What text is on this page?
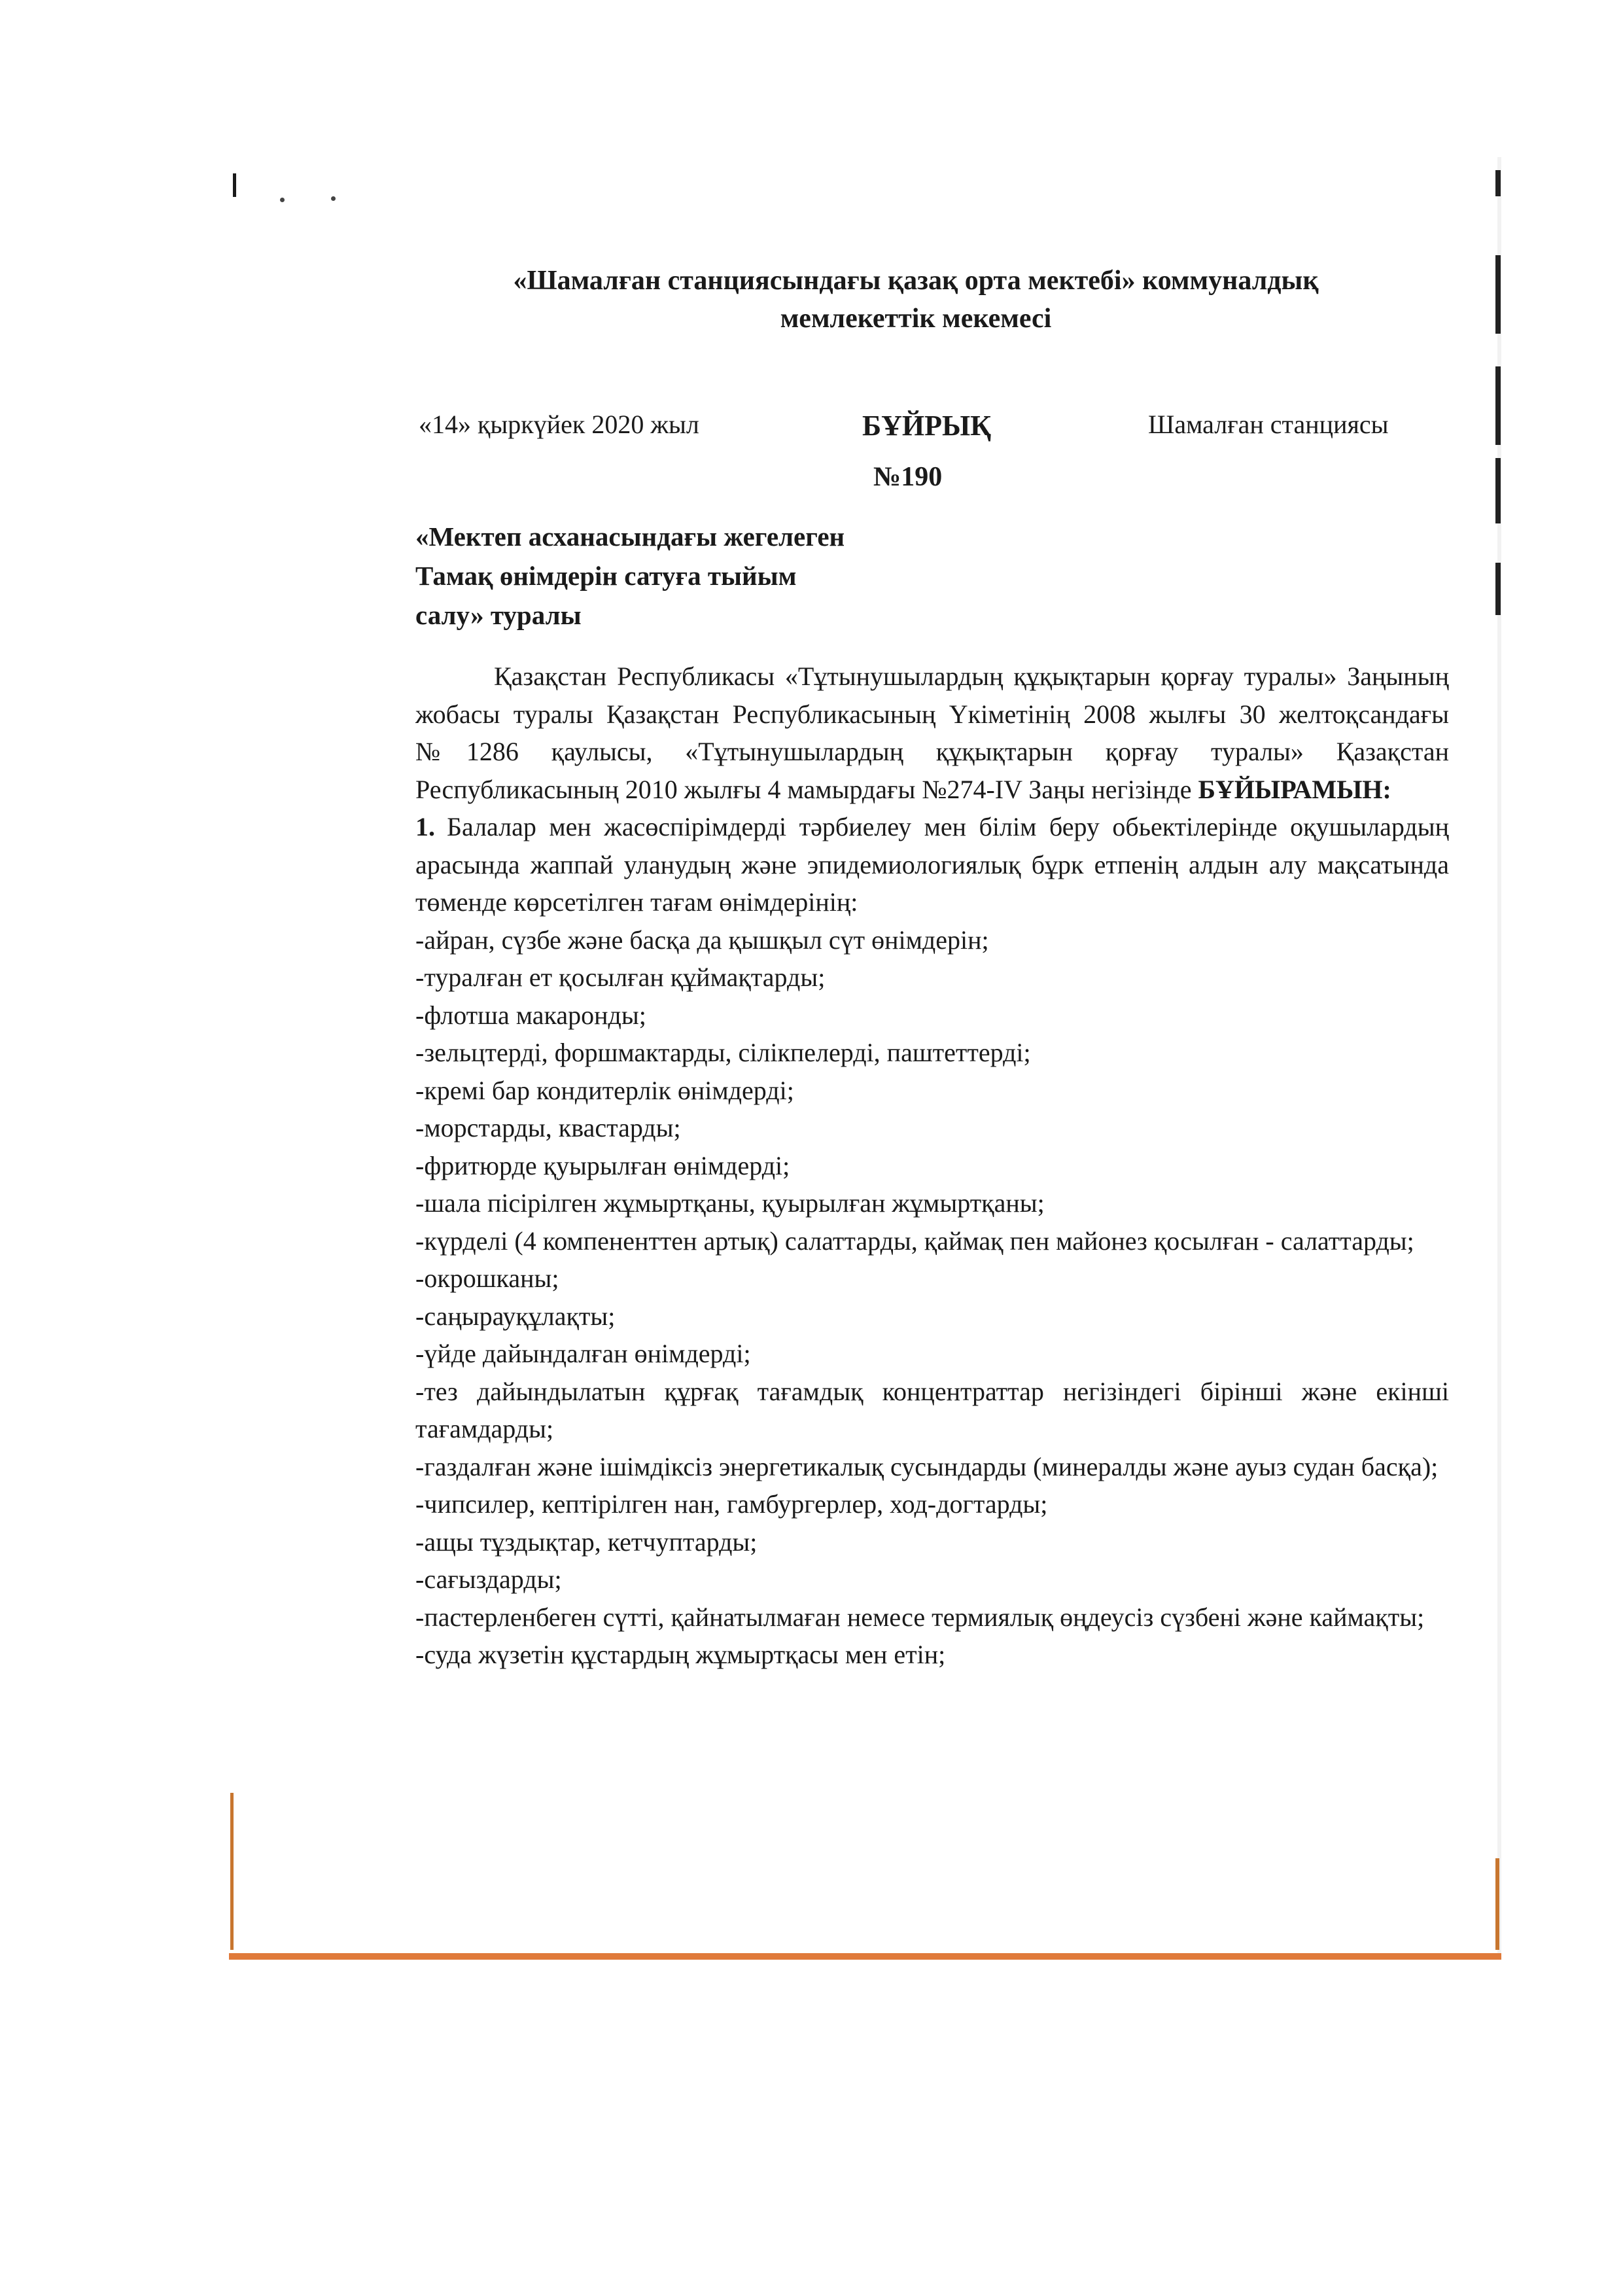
«Шамалған станциясындағы қазақ орта мектебі» коммуналдық
мемлекеттік мекемесі
«14» қыркүйек 2020 жыл	БҰЙРЫҚ	Шамалған станциясы
№190
«Мектеп асханасындағы жегелеген
Тамақ өнімдерін сатуға тыйым
салу» туралы

Қазақстан Республикасы «Тұтынушылардың құқықтарын қорғау туралы» Заңының жобасы туралы Қазақстан Республикасының Үкіметінің 2008 жылғы 30 желтоқсандағы №1286 қаулысы, «Тұтынушылардың құқықтарын қорғау туралы» Қазақстан Республикасының 2010 жылғы 4 мамырдағы №274-IV Заңы негізінде БҰЙЫРАМЫН:

1. Балалар мен жасөспірімдерді тәрбиелеу мен білім беру обьектілерінде оқушылардың арасында жаппай уланудың және эпидемиологиялық бұрк етпенің алдын алу мақсатында төменде көрсетілген тағам өнімдерінің:

-айран, сүзбе және басқа да қышқыл сүт өнімдерін;
-туралған ет қосылған құймақтарды;
-флотша макаронды;
-зельцтерді, форшмактарды, сілікпелерді, паштеттерді;
-кремі бар кондитерлік өнімдерді;
-морстарды, квастарды;
-фритюрде қуырылған өнімдерді;
-шала пісірілген жұмыртқаны, қуырылған жұмыртқаны;
-күрделі (4 компененттен артық) салаттарды, қаймақ пен майонез қосылған - салаттарды;
-окрошканы;
-саңырауқұлақты;
-үйде дайындалған өнімдерді;
-тез дайындылатын құрғақ тағамдық концентраттар негізіндегі бірінші және екінші тағамдарды;
-газдалған және ішімдіксіз энергетикалық сусындарды (минералды және ауыз судан басқа);
-чипсилер, кептірілген нан, гамбургерлер, ход-догтарды;
-ащы тұздықтар, кетчуптарды;
-сағыздарды;
-пастерленбеген сүтті, қайнатылмаған немесе термиялық өңдеусіз сүзбені және каймақты;
-суда жүзетін құстардың жұмыртқасы мен етін;
